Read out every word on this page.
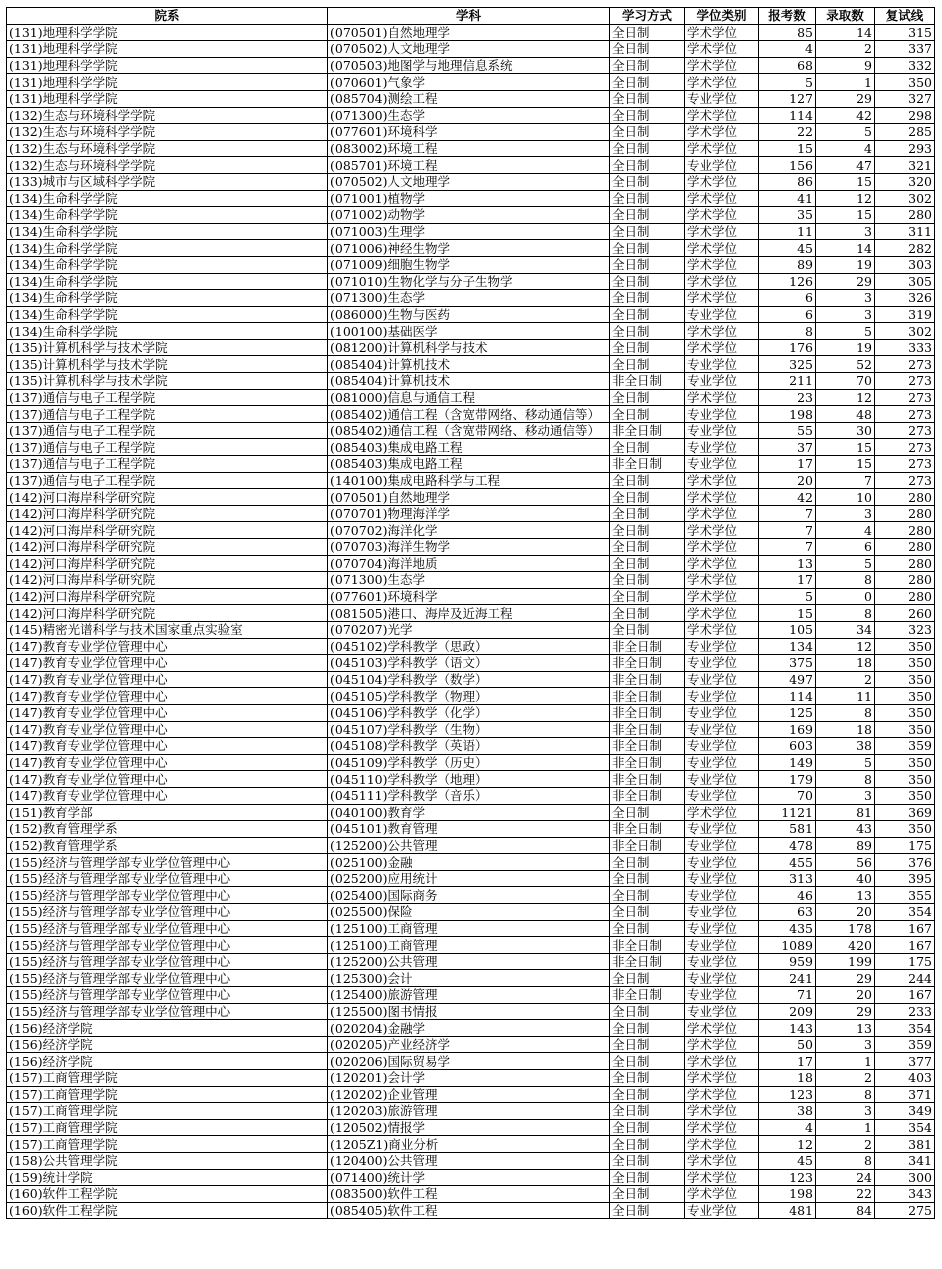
院系	学科	学习方式	学位类别	报考数	录取数	复试线
(131)地理科学学院	(070501)自然地理学	全日制	学术学位	85	14	315
(131)地理科学学院	(070502)人文地理学	全日制	学术学位	4	2	337
(131)地理科学学院	(070503)地图学与地理信息系统	全日制	学术学位	68	9	332
(131)地理科学学院	(070601)气象学	全日制	学术学位	5	1	350
(131)地理科学学院	(085704)测绘工程	全日制	专业学位	127	29	327
(132)生态与环境科学学院	(071300)生态学	全日制	学术学位	114	42	298
(132)生态与环境科学学院	(077601)环境科学	全日制	学术学位	22	5	285
(132)生态与环境科学学院	(083002)环境工程	全日制	学术学位	15	4	293
(132)生态与环境科学学院	(085701)环境工程	全日制	专业学位	156	47	321
(133)城市与区域科学学院	(070502)人文地理学	全日制	学术学位	86	15	320
(134)生命科学学院	(071001)植物学	全日制	学术学位	41	12	302
(134)生命科学学院	(071002)动物学	全日制	学术学位	35	15	280
(134)生命科学学院	(071003)生理学	全日制	学术学位	11	3	311
(134)生命科学学院	(071006)神经生物学	全日制	学术学位	45	14	282
(134)生命科学学院	(071009)细胞生物学	全日制	学术学位	89	19	303
(134)生命科学学院	(071010)生物化学与分子生物学	全日制	学术学位	126	29	305
(134)生命科学学院	(071300)生态学	全日制	学术学位	6	3	326
(134)生命科学学院	(086000)生物与医药	全日制	专业学位	6	3	319
(134)生命科学学院	(100100)基础医学	全日制	学术学位	8	5	302
(135)计算机科学与技术学院	(081200)计算机科学与技术	全日制	学术学位	176	19	333
(135)计算机科学与技术学院	(085404)计算机技术	全日制	专业学位	325	52	273
(135)计算机科学与技术学院	(085404)计算机技术	非全日制	专业学位	211	70	273
(137)通信与电子工程学院	(081000)信息与通信工程	全日制	学术学位	23	12	273
(137)通信与电子工程学院	(085402)通信工程（含宽带网络、移动通信等）	全日制	专业学位	198	48	273
(137)通信与电子工程学院	(085402)通信工程（含宽带网络、移动通信等）	非全日制	专业学位	55	30	273
(137)通信与电子工程学院	(085403)集成电路工程	全日制	专业学位	37	15	273
(137)通信与电子工程学院	(085403)集成电路工程	非全日制	专业学位	17	15	273
(137)通信与电子工程学院	(140100)集成电路科学与工程	全日制	学术学位	20	7	273
(142)河口海岸科学研究院	(070501)自然地理学	全日制	学术学位	42	10	280
(142)河口海岸科学研究院	(070701)物理海洋学	全日制	学术学位	7	3	280
(142)河口海岸科学研究院	(070702)海洋化学	全日制	学术学位	7	4	280
(142)河口海岸科学研究院	(070703)海洋生物学	全日制	学术学位	7	6	280
(142)河口海岸科学研究院	(070704)海洋地质	全日制	学术学位	13	5	280
(142)河口海岸科学研究院	(071300)生态学	全日制	学术学位	17	8	280
(142)河口海岸科学研究院	(077601)环境科学	全日制	学术学位	5	0	280
(142)河口海岸科学研究院	(081505)港口、海岸及近海工程	全日制	学术学位	15	8	260
(145)精密光谱科学与技术国家重点实验室	(070207)光学	全日制	学术学位	105	34	323
(147)教育专业学位管理中心	(045102)学科教学（思政）	非全日制	专业学位	134	12	350
(147)教育专业学位管理中心	(045103)学科教学（语文）	非全日制	专业学位	375	18	350
(147)教育专业学位管理中心	(045104)学科教学（数学）	非全日制	专业学位	497	2	350
(147)教育专业学位管理中心	(045105)学科教学（物理）	非全日制	专业学位	114	11	350
(147)教育专业学位管理中心	(045106)学科教学（化学）	非全日制	专业学位	125	8	350
(147)教育专业学位管理中心	(045107)学科教学（生物）	非全日制	专业学位	169	18	350
(147)教育专业学位管理中心	(045108)学科教学（英语）	非全日制	专业学位	603	38	359
(147)教育专业学位管理中心	(045109)学科教学（历史）	非全日制	专业学位	149	5	350
(147)教育专业学位管理中心	(045110)学科教学（地理）	非全日制	专业学位	179	8	350
(147)教育专业学位管理中心	(045111)学科教学（音乐）	非全日制	专业学位	70	3	350
(151)教育学部	(040100)教育学	全日制	学术学位	1121	81	369
(152)教育管理学系	(045101)教育管理	非全日制	专业学位	581	43	350
(152)教育管理学系	(125200)公共管理	非全日制	专业学位	478	89	175
(155)经济与管理学部专业学位管理中心	(025100)金融	全日制	专业学位	455	56	376
(155)经济与管理学部专业学位管理中心	(025200)应用统计	全日制	专业学位	313	40	395
(155)经济与管理学部专业学位管理中心	(025400)国际商务	全日制	专业学位	46	13	355
(155)经济与管理学部专业学位管理中心	(025500)保险	全日制	专业学位	63	20	354
(155)经济与管理学部专业学位管理中心	(125100)工商管理	全日制	专业学位	435	178	167
(155)经济与管理学部专业学位管理中心	(125100)工商管理	非全日制	专业学位	1089	420	167
(155)经济与管理学部专业学位管理中心	(125200)公共管理	非全日制	专业学位	959	199	175
(155)经济与管理学部专业学位管理中心	(125300)会计	全日制	专业学位	241	29	244
(155)经济与管理学部专业学位管理中心	(125400)旅游管理	非全日制	专业学位	71	20	167
(155)经济与管理学部专业学位管理中心	(125500)图书情报	全日制	专业学位	209	29	233
(156)经济学院	(020204)金融学	全日制	学术学位	143	13	354
(156)经济学院	(020205)产业经济学	全日制	学术学位	50	3	359
(156)经济学院	(020206)国际贸易学	全日制	学术学位	17	1	377
(157)工商管理学院	(120201)会计学	全日制	学术学位	18	2	403
(157)工商管理学院	(120202)企业管理	全日制	学术学位	123	8	371
(157)工商管理学院	(120203)旅游管理	全日制	学术学位	38	3	349
(157)工商管理学院	(120502)情报学	全日制	学术学位	4	1	354
(157)工商管理学院	(1205Z1)商业分析	全日制	学术学位	12	2	381
(158)公共管理学院	(120400)公共管理	全日制	学术学位	45	8	341
(159)统计学院	(071400)统计学	全日制	学术学位	123	24	300
(160)软件工程学院	(083500)软件工程	全日制	学术学位	198	22	343
(160)软件工程学院	(085405)软件工程	全日制	专业学位	481	84	275
